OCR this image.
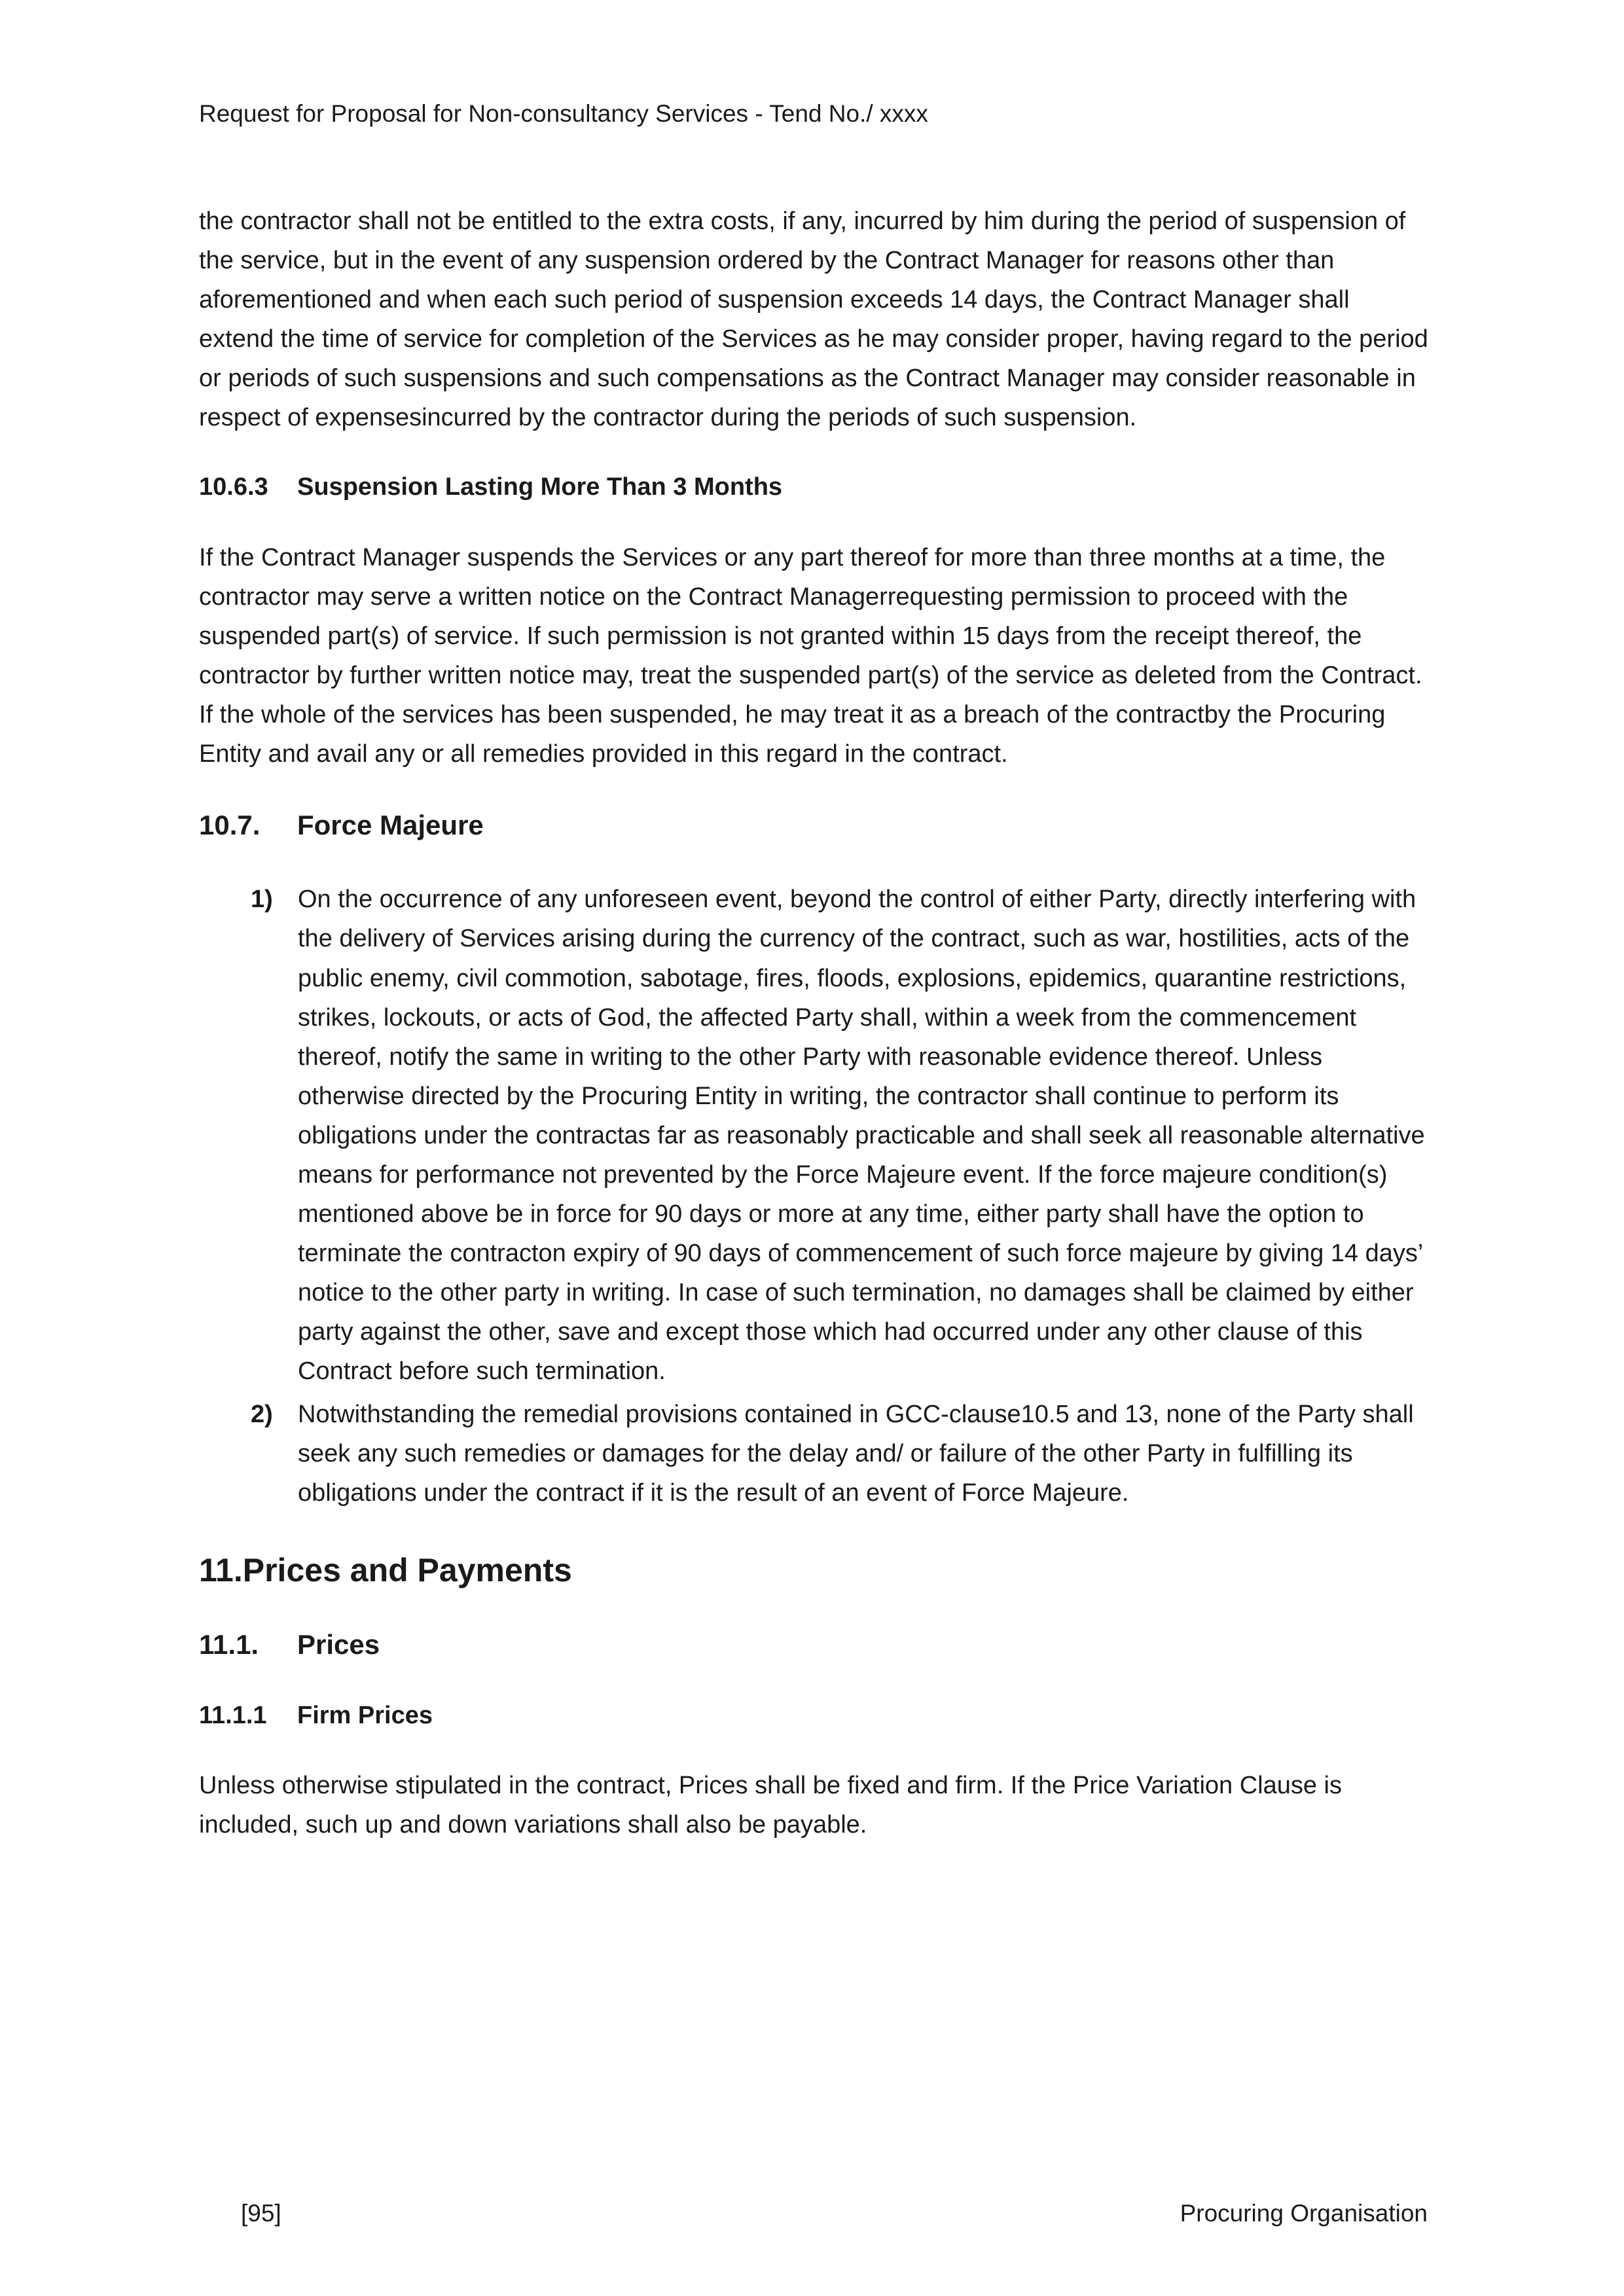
Request for Proposal for Non-consultancy Services - Tend No./ xxxx

the contractor shall not be entitled to the extra costs, if any, incurred by him during the period of suspension of the service, but in the event of any suspension ordered by the Contract Manager for reasons other than aforementioned and when each such period of suspension exceeds 14 days, the Contract Manager shall extend the time of service for completion of the Services as he may consider proper, having regard to the period or periods of such suspensions and such compensations as the Contract Manager may consider reasonable in respect of expensesincurred by the contractor during the periods of such suspension.

10.6.3 Suspension Lasting More Than 3 Months

If the Contract Manager suspends the Services or any part thereof for more than three months at a time, the contractor may serve a written notice on the Contract Managerrequesting permission to proceed with the suspended part(s) of service. If such permission is not granted within 15 days from the receipt thereof, the contractor by further written notice may, treat the suspended part(s) of the service as deleted from the Contract. If the whole of the services has been suspended, he may treat it as a breach of the contractby the Procuring Entity and avail any or all remedies provided in this regard in the contract.

10.7. Force Majeure
1)	On the occurrence of any unforeseen event, beyond the control of either Party, directly interfering with the delivery of Services arising during the currency of the contract, such as war, hostilities, acts of the public enemy, civil commotion, sabotage, fires, floods, explosions, epidemics, quarantine restrictions, strikes, lockouts, or acts of God, the affected Party shall, within a week from the commencement thereof, notify the same in writing to the other Party with reasonable evidence thereof. Unless otherwise directed by the Procuring Entity in writing, the contractor shall continue to perform its obligations under the contractas far as reasonably practicable and shall seek all reasonable alternative means for performance not prevented by the Force Majeure event. If the force majeure condition(s) mentioned above be in force for 90 days or more at any time, either party shall have the option to terminate the contracton expiry of 90 days of commencement of such force majeure by giving 14 days’ notice to the other party in writing. In case of such termination, no damages shall be claimed by either party against the other, save and except those which had occurred under any other clause of this Contract before such termination.
2)	Notwithstanding the remedial provisions contained in GCC-clause10.5 and 13, none of the Party shall seek any such remedies or damages for the delay and/ or failure of the other Party in fulfilling its obligations under the contract if it is the result of an event of Force Majeure.
11.Prices and Payments
11.1. Prices
11.1.1 Firm Prices

Unless otherwise stipulated in the contract, Prices shall be fixed and firm. If the Price Variation Clause is included, such up and down variations shall also be payable.

[95]	Procuring Organisation
